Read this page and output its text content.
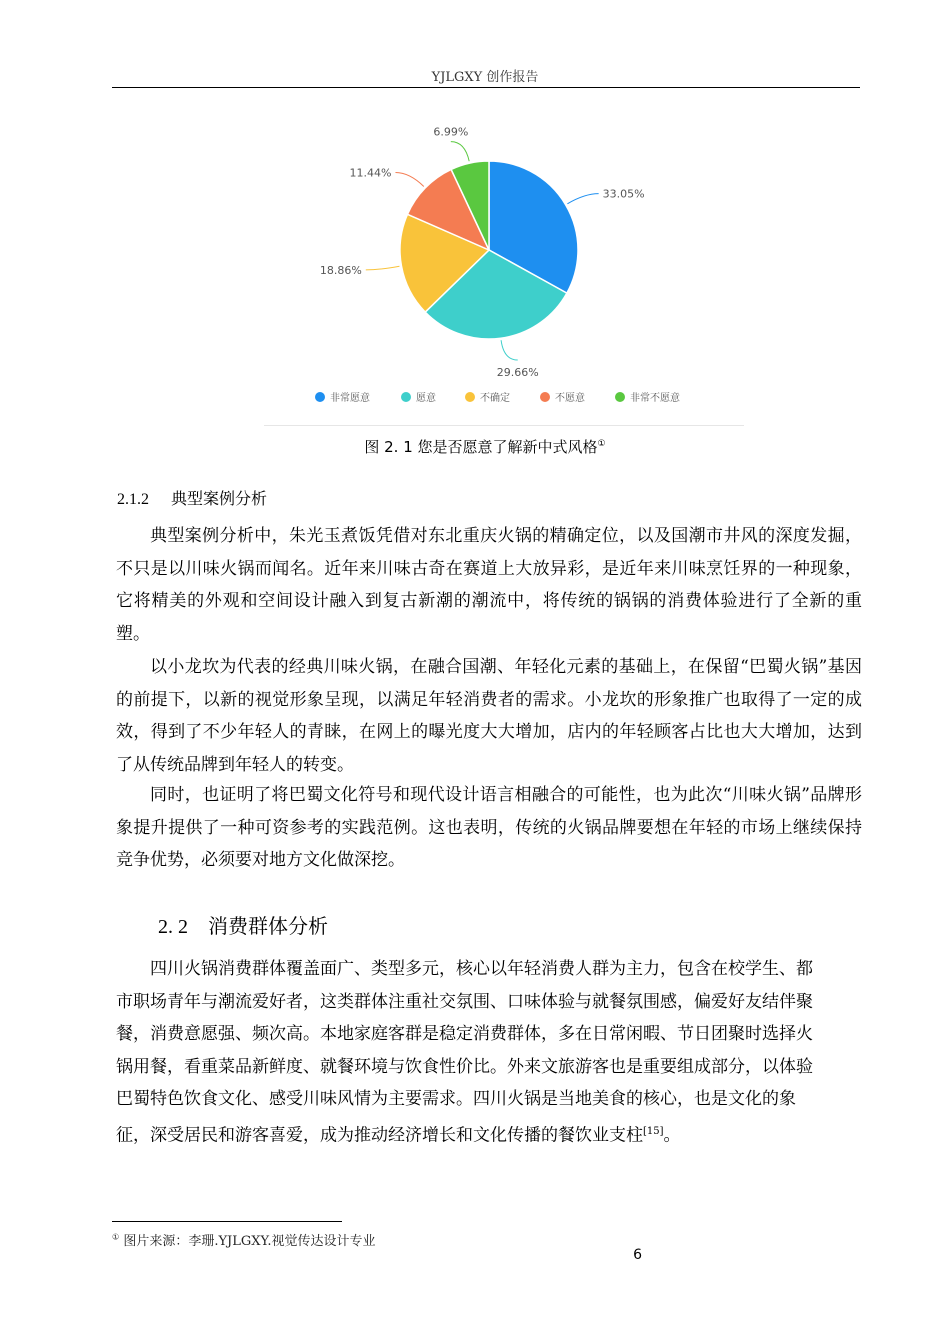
YJLGXY 创作报告
33.05%
29.66%
18.86%
11.44%
6.99%
非常愿意	愿意	不确定	不愿意	非常不愿意
图 2. 1 您是否愿意了解新中式风格①
2.1.2 典型案例分析

典型案例分析中，朱光玉煮饭凭借对东北重庆火锅的精确定位，以及国潮市井风的深度发掘，不只是以川味火锅而闻名。近年来川味古奇在赛道上大放异彩，是近年来川味烹饪界的一种现象，它将精美的外观和空间设计融入到复古新潮的潮流中，将传统的锅锅的消费体验进行了全新的重塑。

以小龙坎为代表的经典川味火锅，在融合国潮、年轻化元素的基础上，在保留“巴蜀火锅”基因的前提下，以新的视觉形象呈现，以满足年轻消费者的需求。小龙坎的形象推广也取得了一定的成效，得到了不少年轻人的青睐，在网上的曝光度大大增加，店内的年轻顾客占比也大大增加，达到了从传统品牌到年轻人的转变。

同时，也证明了将巴蜀文化符号和现代设计语言相融合的可能性，也为此次“川味火锅”品牌形象提升提供了一种可资参考的实践范例。这也表明，传统的火锅品牌要想在年轻的市场上继续保持竞争优势，必须要对地方文化做深挖。

2. 2 消费群体分析

四川火锅消费群体覆盖面广、类型多元，核心以年轻消费人群为主力，包含在校学生、都市职场青年与潮流爱好者，这类群体注重社交氛围、口味体验与就餐氛围感，偏爱好友结伴聚餐，消费意愿强、频次高。本地家庭客群是稳定消费群体，多在日常闲暇、节日团聚时选择火锅用餐，看重菜品新鲜度、就餐环境与饮食性价比。外来文旅游客也是重要组成部分，以体验巴蜀特色饮食文化、感受川味风情为主要需求。四川火锅是当地美食的核心，也是文化的象征，深受居民和游客喜爱，成为推动经济增长和文化传播的餐饮业支柱[15]。

① 图片来源：李珊.YJLGXY.视觉传达设计专业
6
